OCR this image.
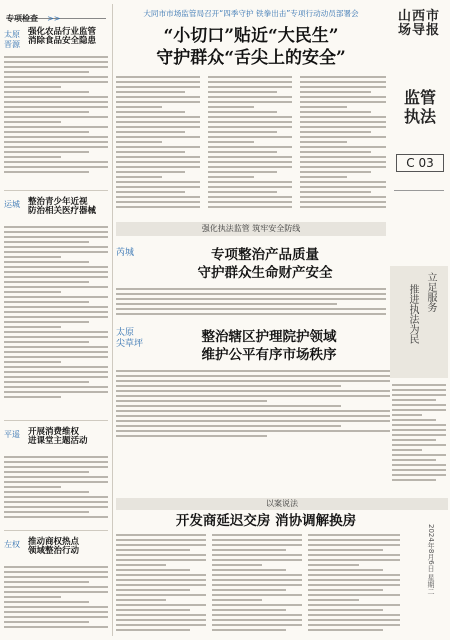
专项检查 >>
太原
晋源
强化农品行业监管
消除食品安全隐患
运城 整治青少年近视
防治相关医疗器械
平遥 开展消费维权
进课堂主题活动
左权 推动商权热点
领域整治行动
大同市市场监管局召开“四季守护 铁拳出击”专项行动动员部署会
“小切口”贴近“大民生”
守护群众“舌尖上的安全”
山西市场导报
监管
执法
C 03
立足服务
推进执法为民
强化执法监管 筑牢安全防线
芮城	专项整治产品质量
守护群众生命财产安全
太原
尖草坪	整治辖区护理院护领域
维护公平有序市场秩序
以案说法
开发商延迟交房 消协调解换房
2024年8月6日 星期二
